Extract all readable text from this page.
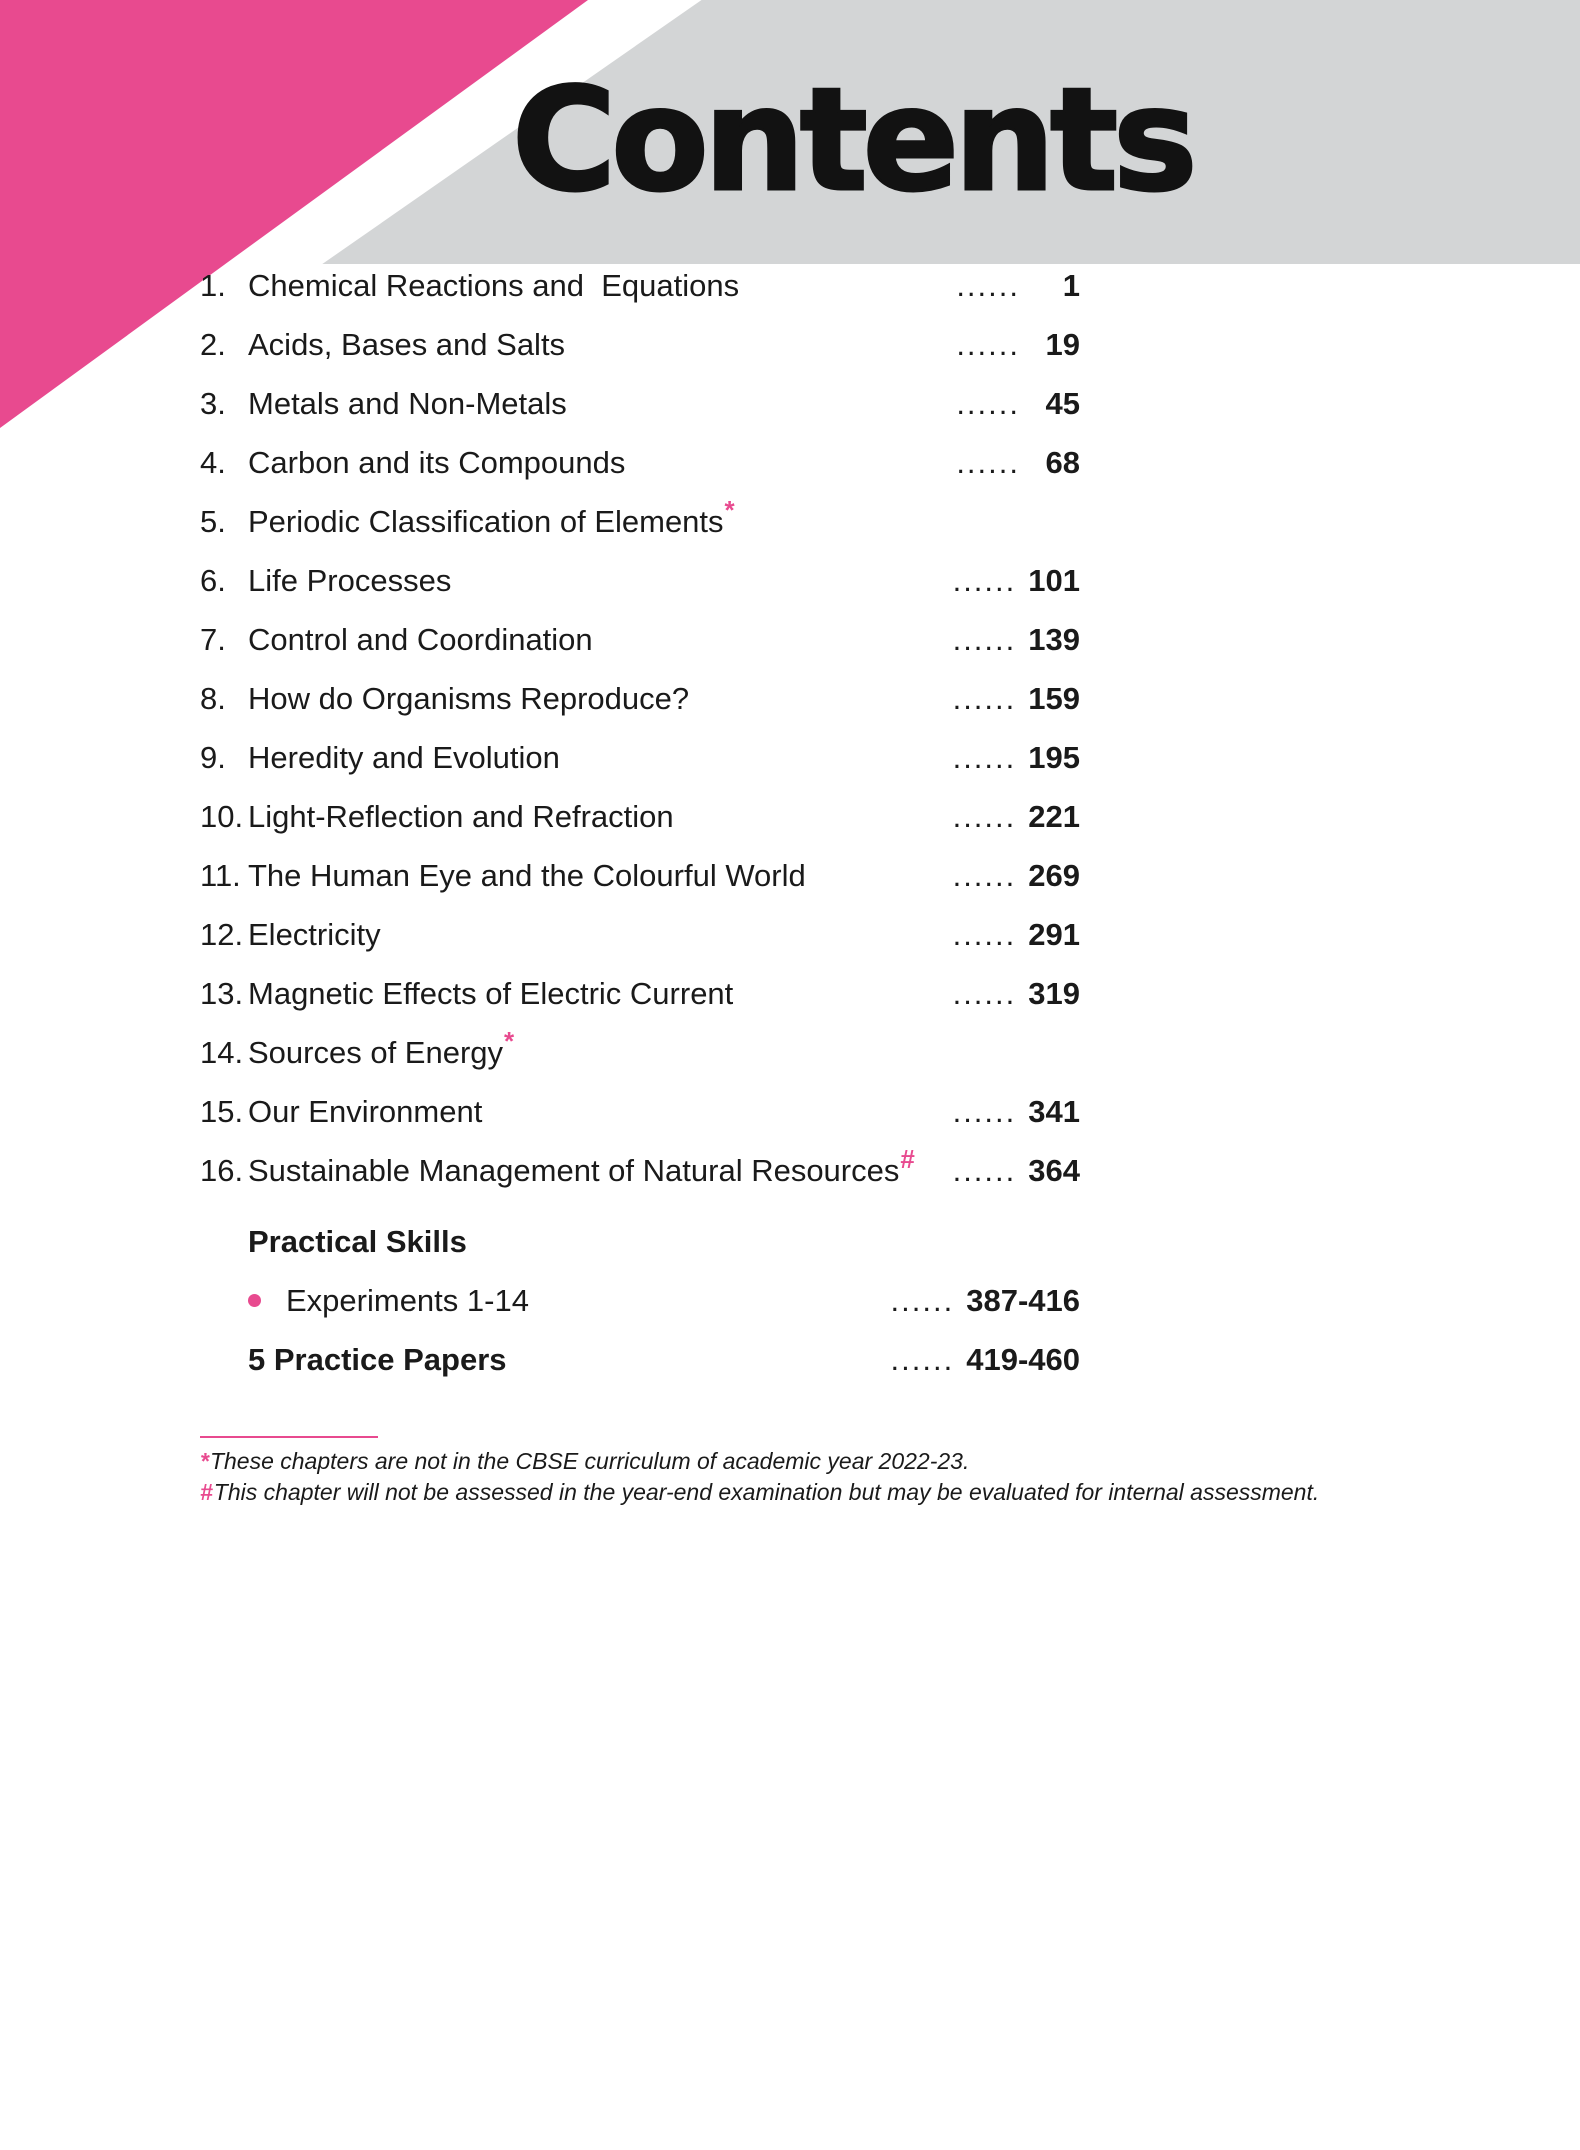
Contents
1. Chemical Reactions and  Equations	......	1
2. Acids, Bases and Salts	...... 19
3. Metals and Non-Metals	...... 45
4. Carbon and its Compounds	...... 68
5. Periodic Classification of Elements *
6. Life Processes	...... 101
7. Control and Coordination	...... 139
8. How do Organisms Reproduce?	...... 159
9. Heredity and Evolution	...... 195
10. Light-Reflection and Refraction	...... 221
11. The Human Eye and the Colourful World	...... 269
12. Electricity	...... 291
13. Magnetic Effects of Electric Current	...... 319
14. Sources of Energy *
15. Our Environment	...... 341
16. Sustainable Management of Natural Resources # ...... 364
Practical Skills
Experiments 1-14	...... 387-416
5 Practice Papers	...... 419-460
*These chapters are not in the CBSE curriculum of academic year 2022-23.
#This chapter will not be assessed in the year-end examination but may be evaluated for internal assessment.
